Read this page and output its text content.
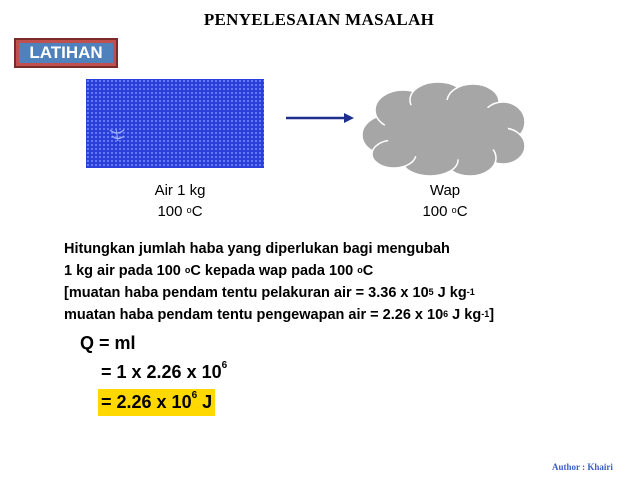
PENYELESAIAN MASALAH
LATIHAN
Air 1 kg
100 $^o$C
Wap
100 $^o$C
Hitungkan jumlah haba yang diperlukan bagi mengubah
1 kg air pada 100 $^o$C kepada wap pada 100 $^o$C
[muatan haba pendam tentu pelakuran air = 3.36 x $10^5$ J $kg^{-1}$
muatan haba pendam tentu pengewapan air = 2.26 x $10^6$ J $kg^{-1}$]
Q = ml
= 1 x 2.26 x $10^6$
= 2.26 x $10^6$ J
Author : Khairi
